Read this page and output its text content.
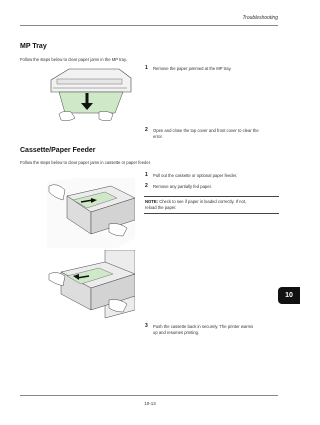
Troubleshooting
MP Tray
Follow the steps below to clear paper jams in the MP tray.
1 Remove the paper jammed at the MP tray.
2 Open and close the top cover and front cover to clear the
error.
Cassette/Paper Feeder
Follow the steps below to clear paper jams in cassette or paper feeder.
1 Pull out the cassette or optional paper feeder.
2 Remove any partially fed paper.
NOTE: Check to see if paper is loaded correctly. If not,
reload the paper.
3 Push the cassette back in securely. The printer warms
up and resumes printing.
10
10-13
